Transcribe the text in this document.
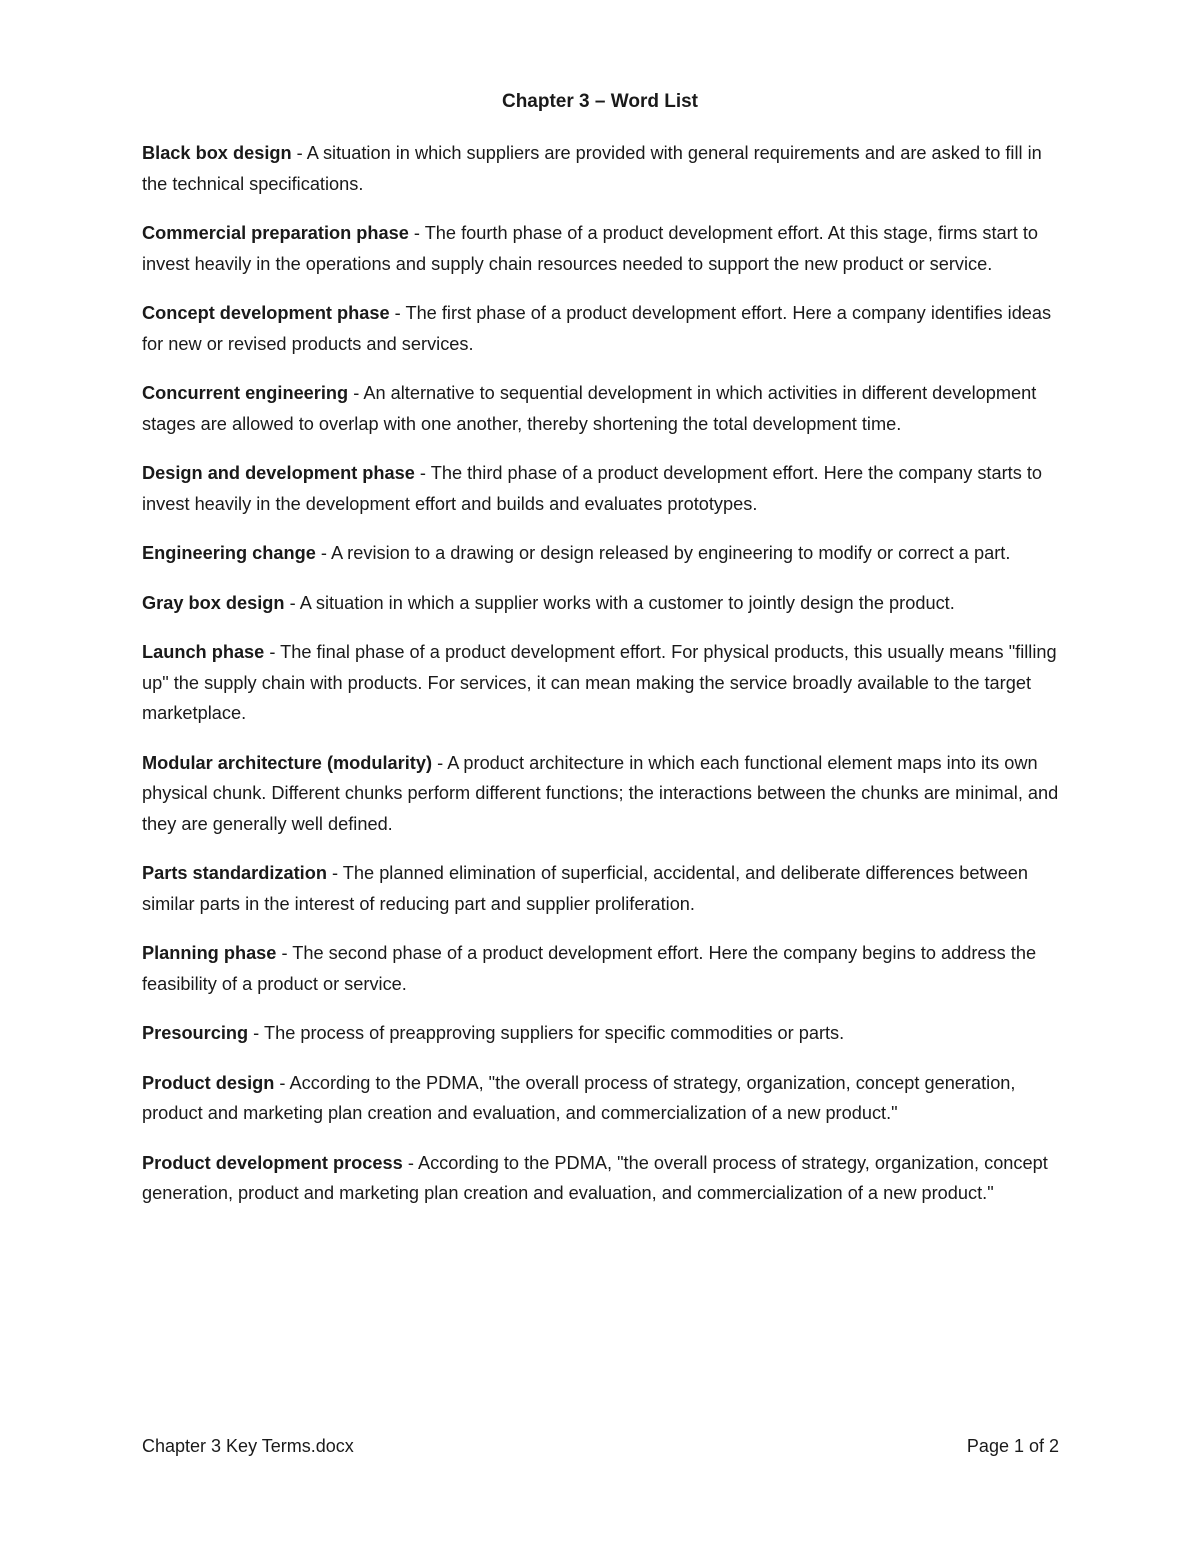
Chapter 3 – Word List

Black box design - A situation in which suppliers are provided with general requirements and are asked to fill in the technical specifications.

Commercial preparation phase - The fourth phase of a product development effort. At this stage, firms start to invest heavily in the operations and supply chain resources needed to support the new product or service.

Concept development phase - The first phase of a product development effort. Here a company identifies ideas for new or revised products and services.

Concurrent engineering - An alternative to sequential development in which activities in different development stages are allowed to overlap with one another, thereby shortening the total development time.

Design and development phase - The third phase of a product development effort. Here the company starts to invest heavily in the development effort and builds and evaluates prototypes.

Engineering change - A revision to a drawing or design released by engineering to modify or correct a part.

Gray box design - A situation in which a supplier works with a customer to jointly design the product.

Launch phase - The final phase of a product development effort. For physical products, this usually means "filling up" the supply chain with products. For services, it can mean making the service broadly available to the target marketplace.

Modular architecture (modularity) - A product architecture in which each functional element maps into its own physical chunk. Different chunks perform different functions; the interactions between the chunks are minimal, and they are generally well defined.

Parts standardization - The planned elimination of superficial, accidental, and deliberate differences between similar parts in the interest of reducing part and supplier proliferation.

Planning phase - The second phase of a product development effort. Here the company begins to address the feasibility of a product or service.

Presourcing - The process of preapproving suppliers for specific commodities or parts.

Product design - According to the PDMA, "the overall process of strategy, organization, concept generation, product and marketing plan creation and evaluation, and commercialization of a new product."

Product development process - According to the PDMA, "the overall process of strategy, organization, concept generation, product and marketing plan creation and evaluation, and commercialization of a new product."

Chapter 3 Key Terms.docx	Page 1 of 2
